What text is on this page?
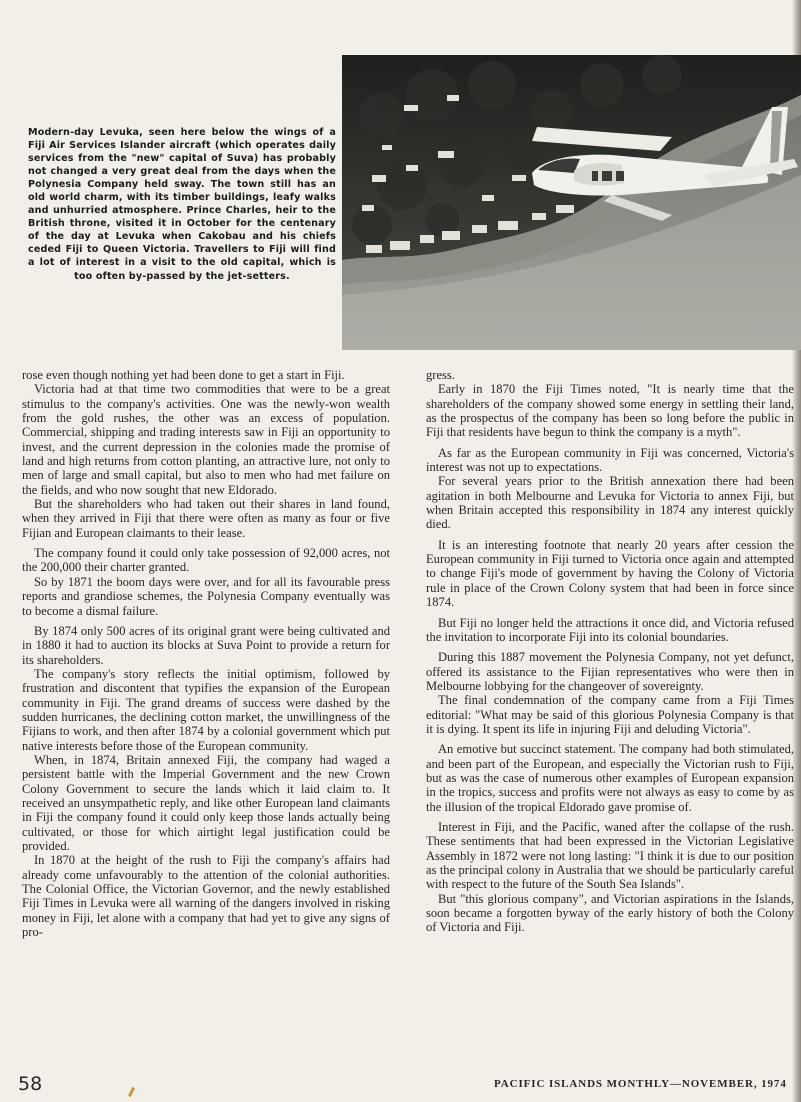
Modern-day Levuka, seen here below the wings of a Fiji Air Services Islander aircraft (which operates daily services from the "new" capital of Suva) has probably not changed a very great deal from the days when the Polynesia Company held sway. The town still has an old world charm, with its timber buildings, leafy walks and unhurried atmosphere. Prince Charles, heir to the British throne, visited it in October for the centenary of the day at Levuka when Cakobau and his chiefs ceded Fiji to Queen Victoria. Travellers to Fiji will find a lot of interest in a visit to the old capital, which is too often by-passed by the jet-setters.

rose even though nothing yet had been done to get a start in Fiji.

Victoria had at that time two commodities that were to be a great stimulus to the company's activities. One was the newly-won wealth from the gold rushes, the other was an excess of population. Commercial, shipping and trading interests saw in Fiji an opportunity to invest, and the current depression in the colonies made the promise of land and high returns from cotton planting, an attractive lure, not only to men of large and small capital, but also to men who had met failure on the fields, and who now sought that new Eldorado.

But the shareholders who had taken out their shares in land found, when they arrived in Fiji that there were often as many as four or five Fijian and European claimants to their lease.

The company found it could only take possession of 92,000 acres, not the 200,000 their charter granted.

So by 1871 the boom days were over, and for all its favourable press reports and grandiose schemes, the Polynesia Company eventually was to become a dismal failure.

By 1874 only 500 acres of its original grant were being cultivated and in 1880 it had to auction its blocks at Suva Point to provide a return for its shareholders.

The company's story reflects the initial optimism, followed by frustration and discontent that typifies the expansion of the European community in Fiji. The grand dreams of success were dashed by the sudden hurricanes, the declining cotton market, the unwillingness of the Fijians to work, and then after 1874 by a colonial government which put native interests before those of the European community.

When, in 1874, Britain annexed Fiji, the company had waged a persistent battle with the Imperial Government and the new Crown Colony Government to secure the lands which it laid claim to. It received an unsympathetic reply, and like other European land claimants in Fiji the company found it could only keep those lands actually being cultivated, or those for which airtight legal justification could be provided.

In 1870 at the height of the rush to Fiji the company's affairs had already come unfavourably to the attention of the colonial authorities. The Colonial Office, the Victorian Governor, and the newly established Fiji Times in Levuka were all warning of the dangers involved in risking money in Fiji, let alone with a company that had yet to give any signs of pro-

gress.

Early in 1870 the Fiji Times noted, "It is nearly time that the shareholders of the company showed some energy in settling their land, as the prospectus of the company has been so long before the public in Fiji that residents have begun to think the company is a myth".

As far as the European community in Fiji was concerned, Victoria's interest was not up to expectations.

For several years prior to the British annexation there had been agitation in both Melbourne and Levuka for Victoria to annex Fiji, but when Britain accepted this responsibility in 1874 any interest quickly died.

It is an interesting footnote that nearly 20 years after cession the European community in Fiji turned to Victoria once again and attempted to change Fiji's mode of government by having the Colony of Victoria rule in place of the Crown Colony system that had been in force since 1874.

But Fiji no longer held the attractions it once did, and Victoria refused the invitation to incorporate Fiji into its colonial boundaries.

During this 1887 movement the Polynesia Company, not yet defunct, offered its assistance to the Fijian representatives who were then in Melbourne lobbying for the changeover of sovereignty.

The final condemnation of the company came from a Fiji Times editorial: "What may be said of this glorious Polynesia Company is that it is dying. It spent its life in injuring Fiji and deluding Victoria".

An emotive but succinct statement. The company had both stimulated, and been part of the European, and especially the Victorian rush to Fiji, but as was the case of numerous other examples of European expansion in the tropics, success and profits were not always as easy to come by as the illusion of the tropical Eldorado gave promise of.

Interest in Fiji, and the Pacific, waned after the collapse of the rush. These sentiments that had been expressed in the Victorian Legislative Assembly in 1872 were not long lasting: "I think it is due to our position as the principal colony in Australia that we should be particularly careful with respect to the future of the South Sea Islands".

But "this glorious company", and Victorian aspirations in the Islands, soon became a forgotten byway of the early history of both the Colony of Victoria and Fiji.

58	PACIFIC ISLANDS MONTHLY—NOVEMBER, 1974
